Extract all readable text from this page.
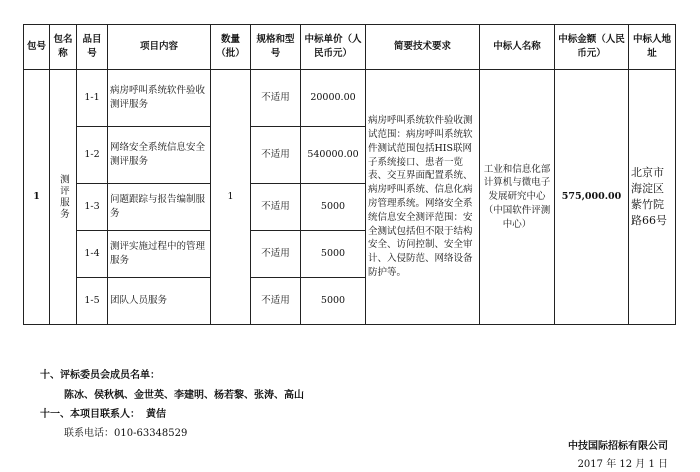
包号	包名称	品目号	项目内容	数量（批）	规格和型号	中标单价（人民币元）	简要技术要求	中标人名称	中标金额（人民币元）	中标人地址
1	测评服务	1-1	病房呼叫系统软件验收测评服务	1	不适用	20000.00	病房呼叫系统软件验收测试范围：病房呼叫系统软件测试范围包括HIS联网子系统接口、患者一览表、交互界面配置系统、病房呼叫系统、信息化病房管理系统。网络安全系统信息安全测评范围：安全测试包括但不限于结构安全、访问控制、安全审计、入侵防范、网络设备防护等。	工业和信息化部计算机与微电子发展研究中心（中国软件评测中心）	575,000.00	北京市海淀区紫竹院路66号
		1-2	网络安全系统信息安全测评服务		不适用	540000.00				
		1-3	问题跟踪与报告编制服务		不适用	5000				
		1-4	测评实施过程中的管理服务		不适用	5000				
		1-5	团队人员服务		不适用	5000				
十、评标委员会成员名单：
陈冰、侯秋枫、金世英、李建明、杨若黎、张涛、高山
十一、本项目联系人： 黄佶
联系电话：010-63348529
中技国际招标有限公司
2017 年 12 月 1 日
